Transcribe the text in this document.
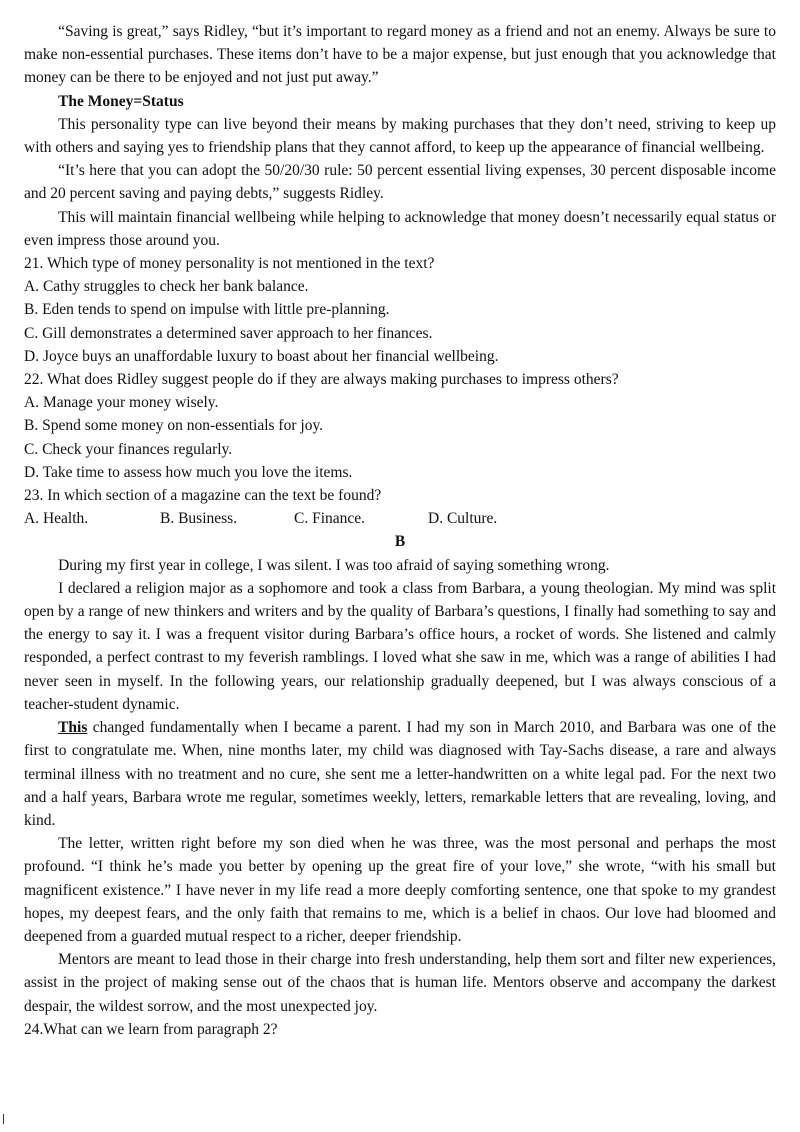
“Saving is great,” says Ridley, “but it’s important to regard money as a friend and not an enemy. Always be sure to make non-essential purchases. These items don’t have to be a major expense, but just enough that you acknowledge that money can be there to be enjoyed and not just put away.”

The Money=Status

This personality type can live beyond their means by making purchases that they don’t need, striving to keep up with others and saying yes to friendship plans that they cannot afford, to keep up the appearance of financial wellbeing.

“It’s here that you can adopt the 50/20/30 rule: 50 percent essential living expenses, 30 percent disposable income and 20 percent saving and paying debts,” suggests Ridley.

This will maintain financial wellbeing while helping to acknowledge that money doesn’t necessarily equal status or even impress those around you.

21. Which type of money personality is not mentioned in the text?

A. Cathy struggles to check her bank balance.

B. Eden tends to spend on impulse with little pre-planning.

C. Gill demonstrates a determined saver approach to her finances.

D. Joyce buys an unaffordable luxury to boast about her financial wellbeing.

22. What does Ridley suggest people do if they are always making purchases to impress others?

A. Manage your money wisely.

B. Spend some money on non-essentials for joy.

C. Check your finances regularly.

D. Take time to assess how much you love the items.

23. In which section of a magazine can the text be found?

A. Health.	B. Business.	C. Finance.	D. Culture.

B

During my first year in college, I was silent. I was too afraid of saying something wrong.

I declared a religion major as a sophomore and took a class from Barbara, a young theologian. My mind was split open by a range of new thinkers and writers and by the quality of Barbara’s questions, I finally had something to say and the energy to say it. I was a frequent visitor during Barbara’s office hours, a rocket of words. She listened and calmly responded, a perfect contrast to my feverish ramblings. I loved what she saw in me, which was a range of abilities I had never seen in myself. In the following years, our relationship gradually deepened, but I was always conscious of a teacher-student dynamic.

This changed fundamentally when I became a parent. I had my son in March 2010, and Barbara was one of the first to congratulate me. When, nine months later, my child was diagnosed with Tay-Sachs disease, a rare and always terminal illness with no treatment and no cure, she sent me a letter-handwritten on a white legal pad. For the next two and a half years, Barbara wrote me regular, sometimes weekly, letters, remarkable letters that are revealing, loving, and kind.

The letter, written right before my son died when he was three, was the most personal and perhaps the most profound. “I think he’s made you better by opening up the great fire of your love,” she wrote, “with his small but magnificent existence.” I have never in my life read a more deeply comforting sentence, one that spoke to my grandest hopes, my deepest fears, and the only faith that remains to me, which is a belief in chaos. Our love had bloomed and deepened from a guarded mutual respect to a richer, deeper friendship.

Mentors are meant to lead those in their charge into fresh understanding, help them sort and filter new experiences, assist in the project of making sense out of the chaos that is human life. Mentors observe and accompany the darkest despair, the wildest sorrow, and the most unexpected joy.

24.What can we learn from paragraph 2?
